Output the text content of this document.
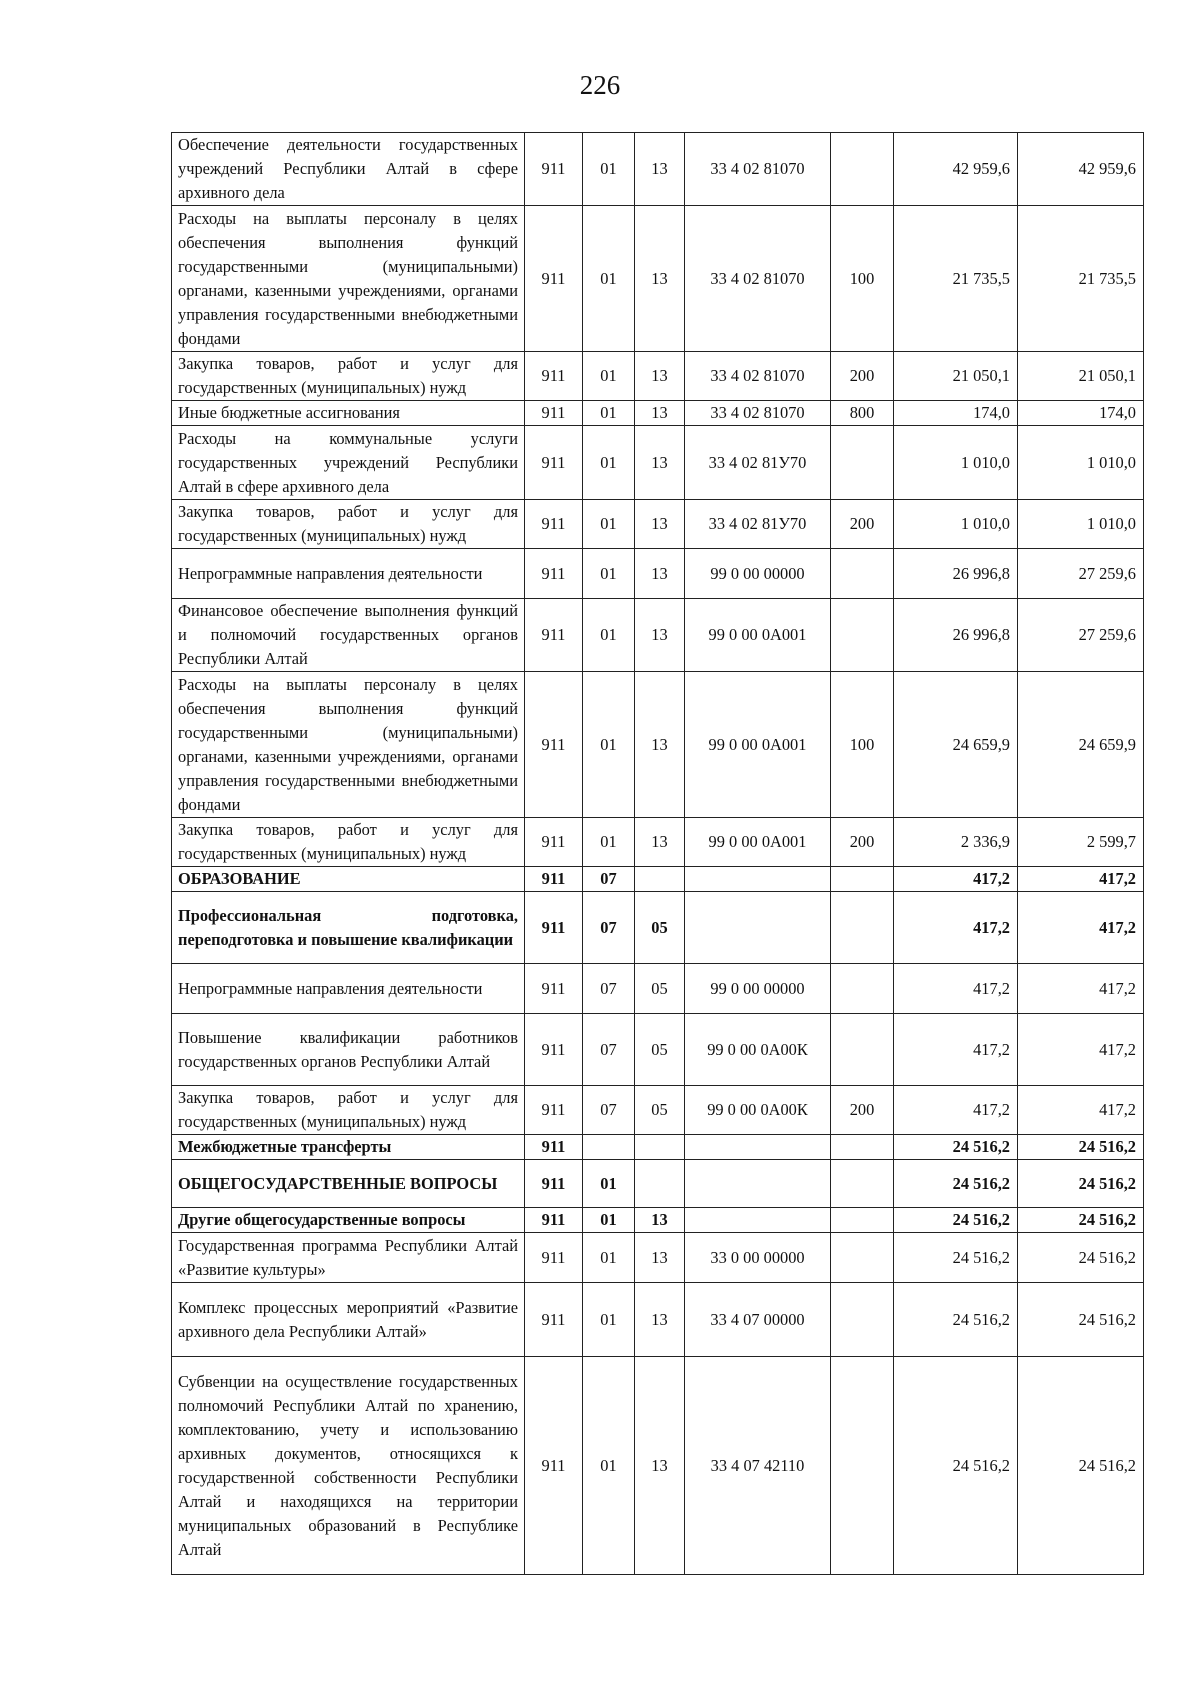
226
Обеспечение деятельности государственных учреждений Республики Алтай в сфере архивного дела	911	01	13	33 4 02 81070		42 959,6	42 959,6
Расходы на выплаты персоналу в целях обеспечения выполнения функций государственными (муниципальными) органами, казенными учреждениями, органами управления государственными внебюджетными фондами	911	01	13	33 4 02 81070	100	21 735,5	21 735,5
Закупка товаров, работ и услуг для государственных (муниципальных) нужд	911	01	13	33 4 02 81070	200	21 050,1	21 050,1
Иные бюджетные ассигнования	911	01	13	33 4 02 81070	800	174,0	174,0
Расходы на коммунальные услуги государственных учреждений Республики Алтай в сфере архивного дела	911	01	13	33 4 02 81У70		1 010,0	1 010,0
Закупка товаров, работ и услуг для государственных (муниципальных) нужд	911	01	13	33 4 02 81У70	200	1 010,0	1 010,0
Непрограммные направления деятельности	911	01	13	99 0 00 00000		26 996,8	27 259,6
Финансовое обеспечение выполнения функций и полномочий государственных органов Республики Алтай	911	01	13	99 0 00 0А001		26 996,8	27 259,6
Расходы на выплаты персоналу в целях обеспечения выполнения функций государственными (муниципальными) органами, казенными учреждениями, органами управления государственными внебюджетными фондами	911	01	13	99 0 00 0А001	100	24 659,9	24 659,9
Закупка товаров, работ и услуг для государственных (муниципальных) нужд	911	01	13	99 0 00 0А001	200	2 336,9	2 599,7
ОБРАЗОВАНИЕ	911	07				417,2	417,2
Профессиональная подготовка, переподготовка и повышение квалификации	911	07	05			417,2	417,2
Непрограммные направления деятельности	911	07	05	99 0 00 00000		417,2	417,2
Повышение квалификации работников государственных органов Республики Алтай	911	07	05	99 0 00 0А00К		417,2	417,2
Закупка товаров, работ и услуг для государственных (муниципальных) нужд	911	07	05	99 0 00 0А00К	200	417,2	417,2
Межбюджетные трансферты	911					24 516,2	24 516,2
ОБЩЕГОСУДАРСТВЕННЫЕ ВОПРОСЫ	911	01				24 516,2	24 516,2
Другие общегосударственные вопросы	911	01	13			24 516,2	24 516,2
Государственная программа Республики Алтай «Развитие культуры»	911	01	13	33 0 00 00000		24 516,2	24 516,2
Комплекс процессных мероприятий «Развитие архивного дела Республики Алтай»	911	01	13	33 4 07 00000		24 516,2	24 516,2
Субвенции на осуществление государственных полномочий Республики Алтай по хранению, комплектованию, учету и использованию архивных документов, относящихся к государственной собственности Республики Алтай и находящихся на территории муниципальных образований в Республике Алтай	911	01	13	33 4 07 42110		24 516,2	24 516,2
